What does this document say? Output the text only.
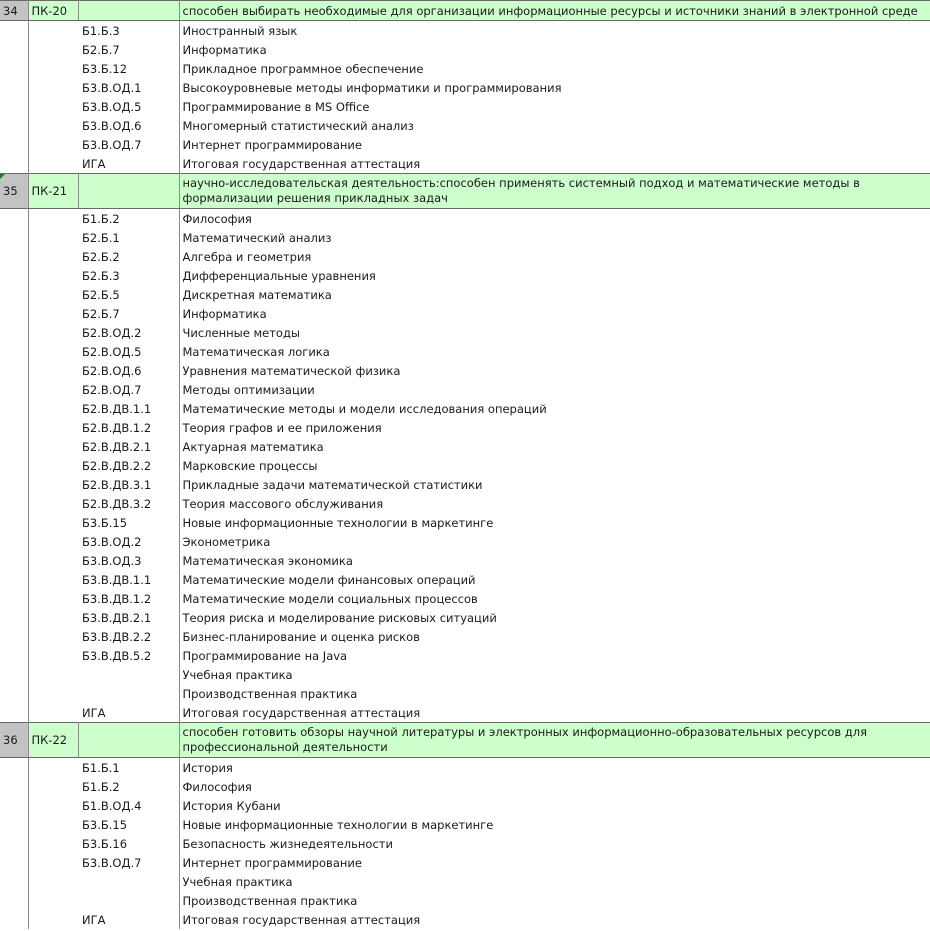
34	ПК-20		способен выбирать необходимые для организации информационные ресурсы и источники знаний в электронной среде
		Б1.Б.3	Иностранный язык
		Б2.Б.7	Информатика
		Б3.Б.12	Прикладное программное обеспечение
		Б3.В.ОД.1	Высокоуровневые методы информатики и программирования
		Б3.В.ОД.5	Программирование в MS Office
		Б3.В.ОД.6	Многомерный статистический анализ
		Б3.В.ОД.7	Интернет программирование
		ИГА	Итоговая государственная аттестация

35	ПК-21		научно-исследовательская деятельность:способен применять системный подход и математические методы в формализации решения прикладных задач
		Б1.Б.2	Философия
		Б2.Б.1	Математический анализ
		Б2.Б.2	Алгебра и геометрия
		Б2.Б.3	Дифференциальные уравнения
		Б2.Б.5	Дискретная математика
		Б2.Б.7	Информатика
		Б2.В.ОД.2	Численные методы
		Б2.В.ОД.5	Математическая логика
		Б2.В.ОД.6	Уравнения математической физика
		Б2.В.ОД.7	Методы оптимизации
		Б2.В.ДВ.1.1	Математические методы и модели исследования операций
		Б2.В.ДВ.1.2	Теория графов и ее приложения
		Б2.В.ДВ.2.1	Актуарная математика
		Б2.В.ДВ.2.2	Марковские процессы
		Б2.В.ДВ.3.1	Прикладные задачи математической статистики
		Б2.В.ДВ.3.2	Теория массового обслуживания
		Б3.Б.15	Новые информационные технологии в маркетинге
		Б3.В.ОД.2	Эконометрика
		Б3.В.ОД.3	Математическая экономика
		Б3.В.ДВ.1.1	Математические модели финансовых операций
		Б3.В.ДВ.1.2	Математические модели социальных процессов
		Б3.В.ДВ.2.1	Теория риска и моделирование рисковых ситуаций
		Б3.В.ДВ.2.2	Бизнес-планирование и оценка рисков
		Б3.В.ДВ.5.2	Программирование на Java
			Учебная практика
			Производственная практика
		ИГА	Итоговая государственная аттестация
36	ПК-22		способен готовить обзоры научной литературы и электронных информационно-образовательных ресурсов для профессиональной деятельности
		Б1.Б.1	История
		Б1.Б.2	Философия
		Б1.В.ОД.4	История Кубани
		Б3.Б.15	Новые информационные технологии в маркетинге
		Б3.Б.16	Безопасность жизнедеятельности
		Б3.В.ОД.7	Интернет программирование
			Учебная практика
			Производственная практика
		ИГА	Итоговая государственная аттестация
